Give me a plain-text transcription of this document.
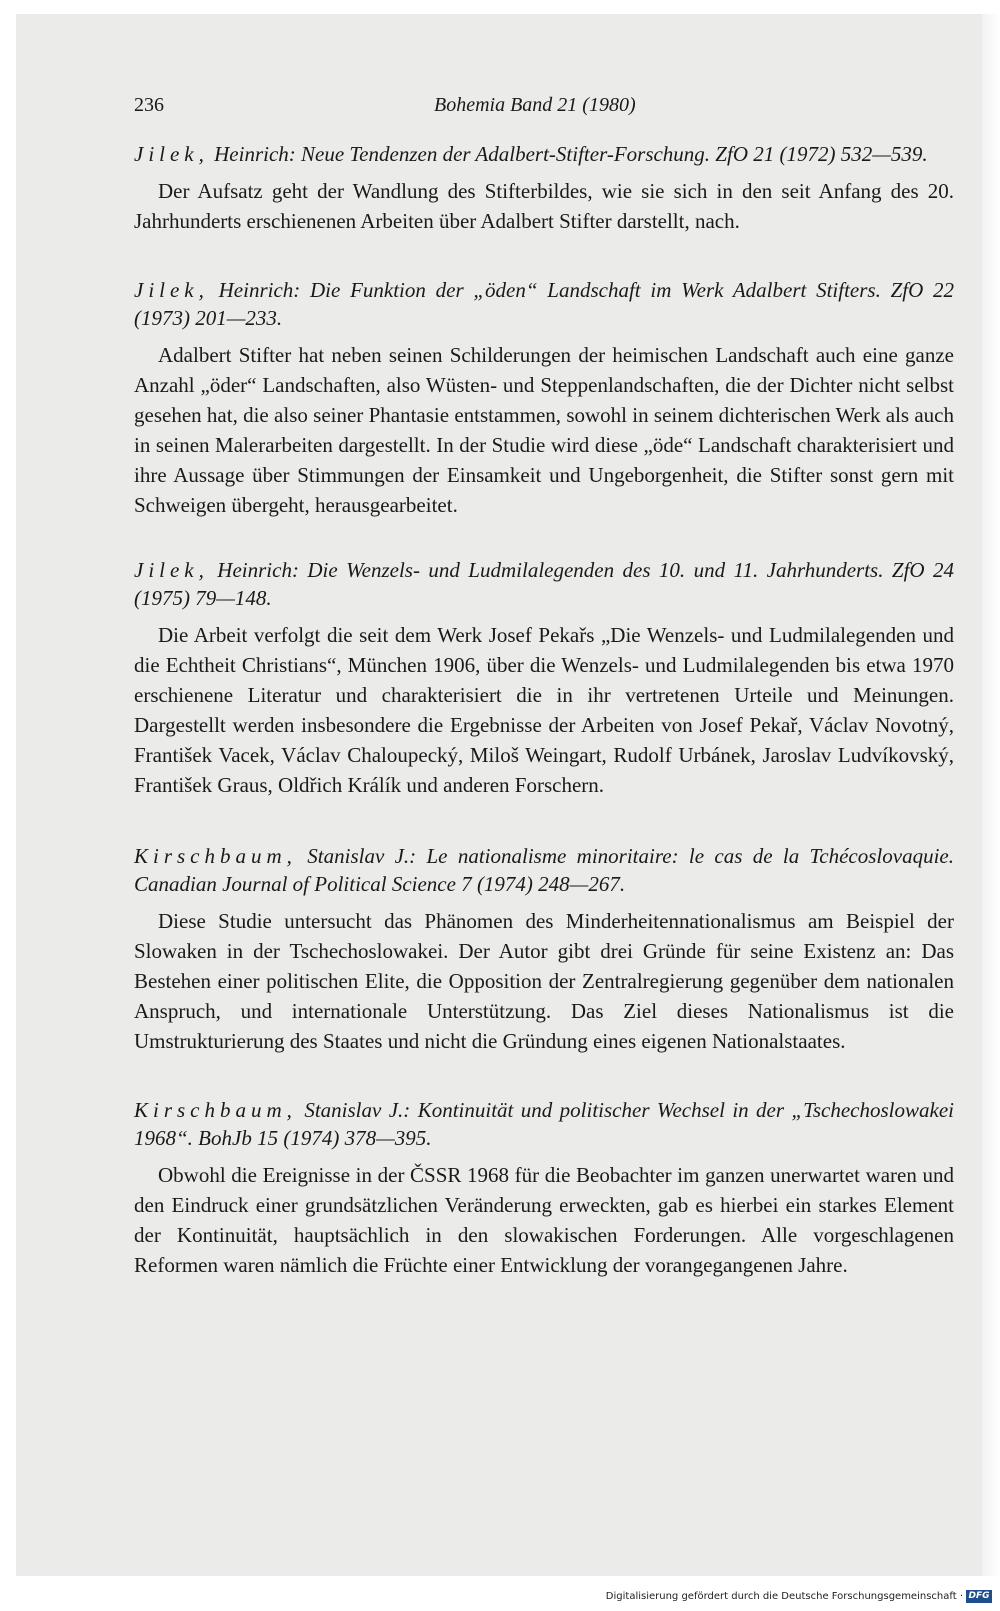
236	Bohemia Band 21 (1980)

Jilek, Heinrich: Neue Tendenzen der Adalbert-Stifter-Forschung. ZfO 21 (1972) 532—539.

Der Aufsatz geht der Wandlung des Stifterbildes, wie sie sich in den seit Anfang des 20. Jahrhunderts erschienenen Arbeiten über Adalbert Stifter darstellt, nach.

Jilek, Heinrich: Die Funktion der „öden“ Landschaft im Werk Adalbert Stifters. ZfO 22 (1973) 201—233.

Adalbert Stifter hat neben seinen Schilderungen der heimischen Landschaft auch eine ganze Anzahl „öder“ Landschaften, also Wüsten- und Steppenlandschaften, die der Dichter nicht selbst gesehen hat, die also seiner Phantasie entstammen, sowohl in seinem dichterischen Werk als auch in seinen Malerarbeiten dargestellt. In der Studie wird diese „öde“ Landschaft charakterisiert und ihre Aussage über Stimmungen der Einsamkeit und Ungeborgenheit, die Stifter sonst gern mit Schweigen übergeht, herausgearbeitet.

Jilek, Heinrich: Die Wenzels- und Ludmilalegenden des 10. und 11. Jahrhunderts. ZfO 24 (1975) 79—148.

Die Arbeit verfolgt die seit dem Werk Josef Pekařs „Die Wenzels- und Ludmilalegenden und die Echtheit Christians“, München 1906, über die Wenzels- und Ludmilalegenden bis etwa 1970 erschienene Literatur und charakterisiert die in ihr vertretenen Urteile und Meinungen. Dargestellt werden insbesondere die Ergebnisse der Arbeiten von Josef Pekař, Václav Novotný, František Vacek, Václav Chaloupecký, Miloš Weingart, Rudolf Urbánek, Jaroslav Ludvíkovský, František Graus, Oldřich Králík und anderen Forschern.

Kirschbaum, Stanislav J.: Le nationalisme minoritaire: le cas de la Tchécoslovaquie. Canadian Journal of Political Science 7 (1974) 248—267.

Diese Studie untersucht das Phänomen des Minderheitennationalismus am Beispiel der Slowaken in der Tschechoslowakei. Der Autor gibt drei Gründe für seine Existenz an: Das Bestehen einer politischen Elite, die Opposition der Zentralregierung gegenüber dem nationalen Anspruch, und internationale Unterstützung. Das Ziel dieses Nationalismus ist die Umstrukturierung des Staates und nicht die Gründung eines eigenen Nationalstaates.

Kirschbaum, Stanislav J.: Kontinuität und politischer Wechsel in der „Tschechoslowakei 1968“. BohJb 15 (1974) 378—395.

Obwohl die Ereignisse in der ČSSR 1968 für die Beobachter im ganzen unerwartet waren und den Eindruck einer grundsätzlichen Veränderung erweckten, gab es hierbei ein starkes Element der Kontinuität, hauptsächlich in den slowakischen Forderungen. Alle vorgeschlagenen Reformen waren nämlich die Früchte einer Entwicklung der vorangegangenen Jahre.

Digitalisierung gefördert durch die Deutsche Forschungsgemeinschaft · DFG
